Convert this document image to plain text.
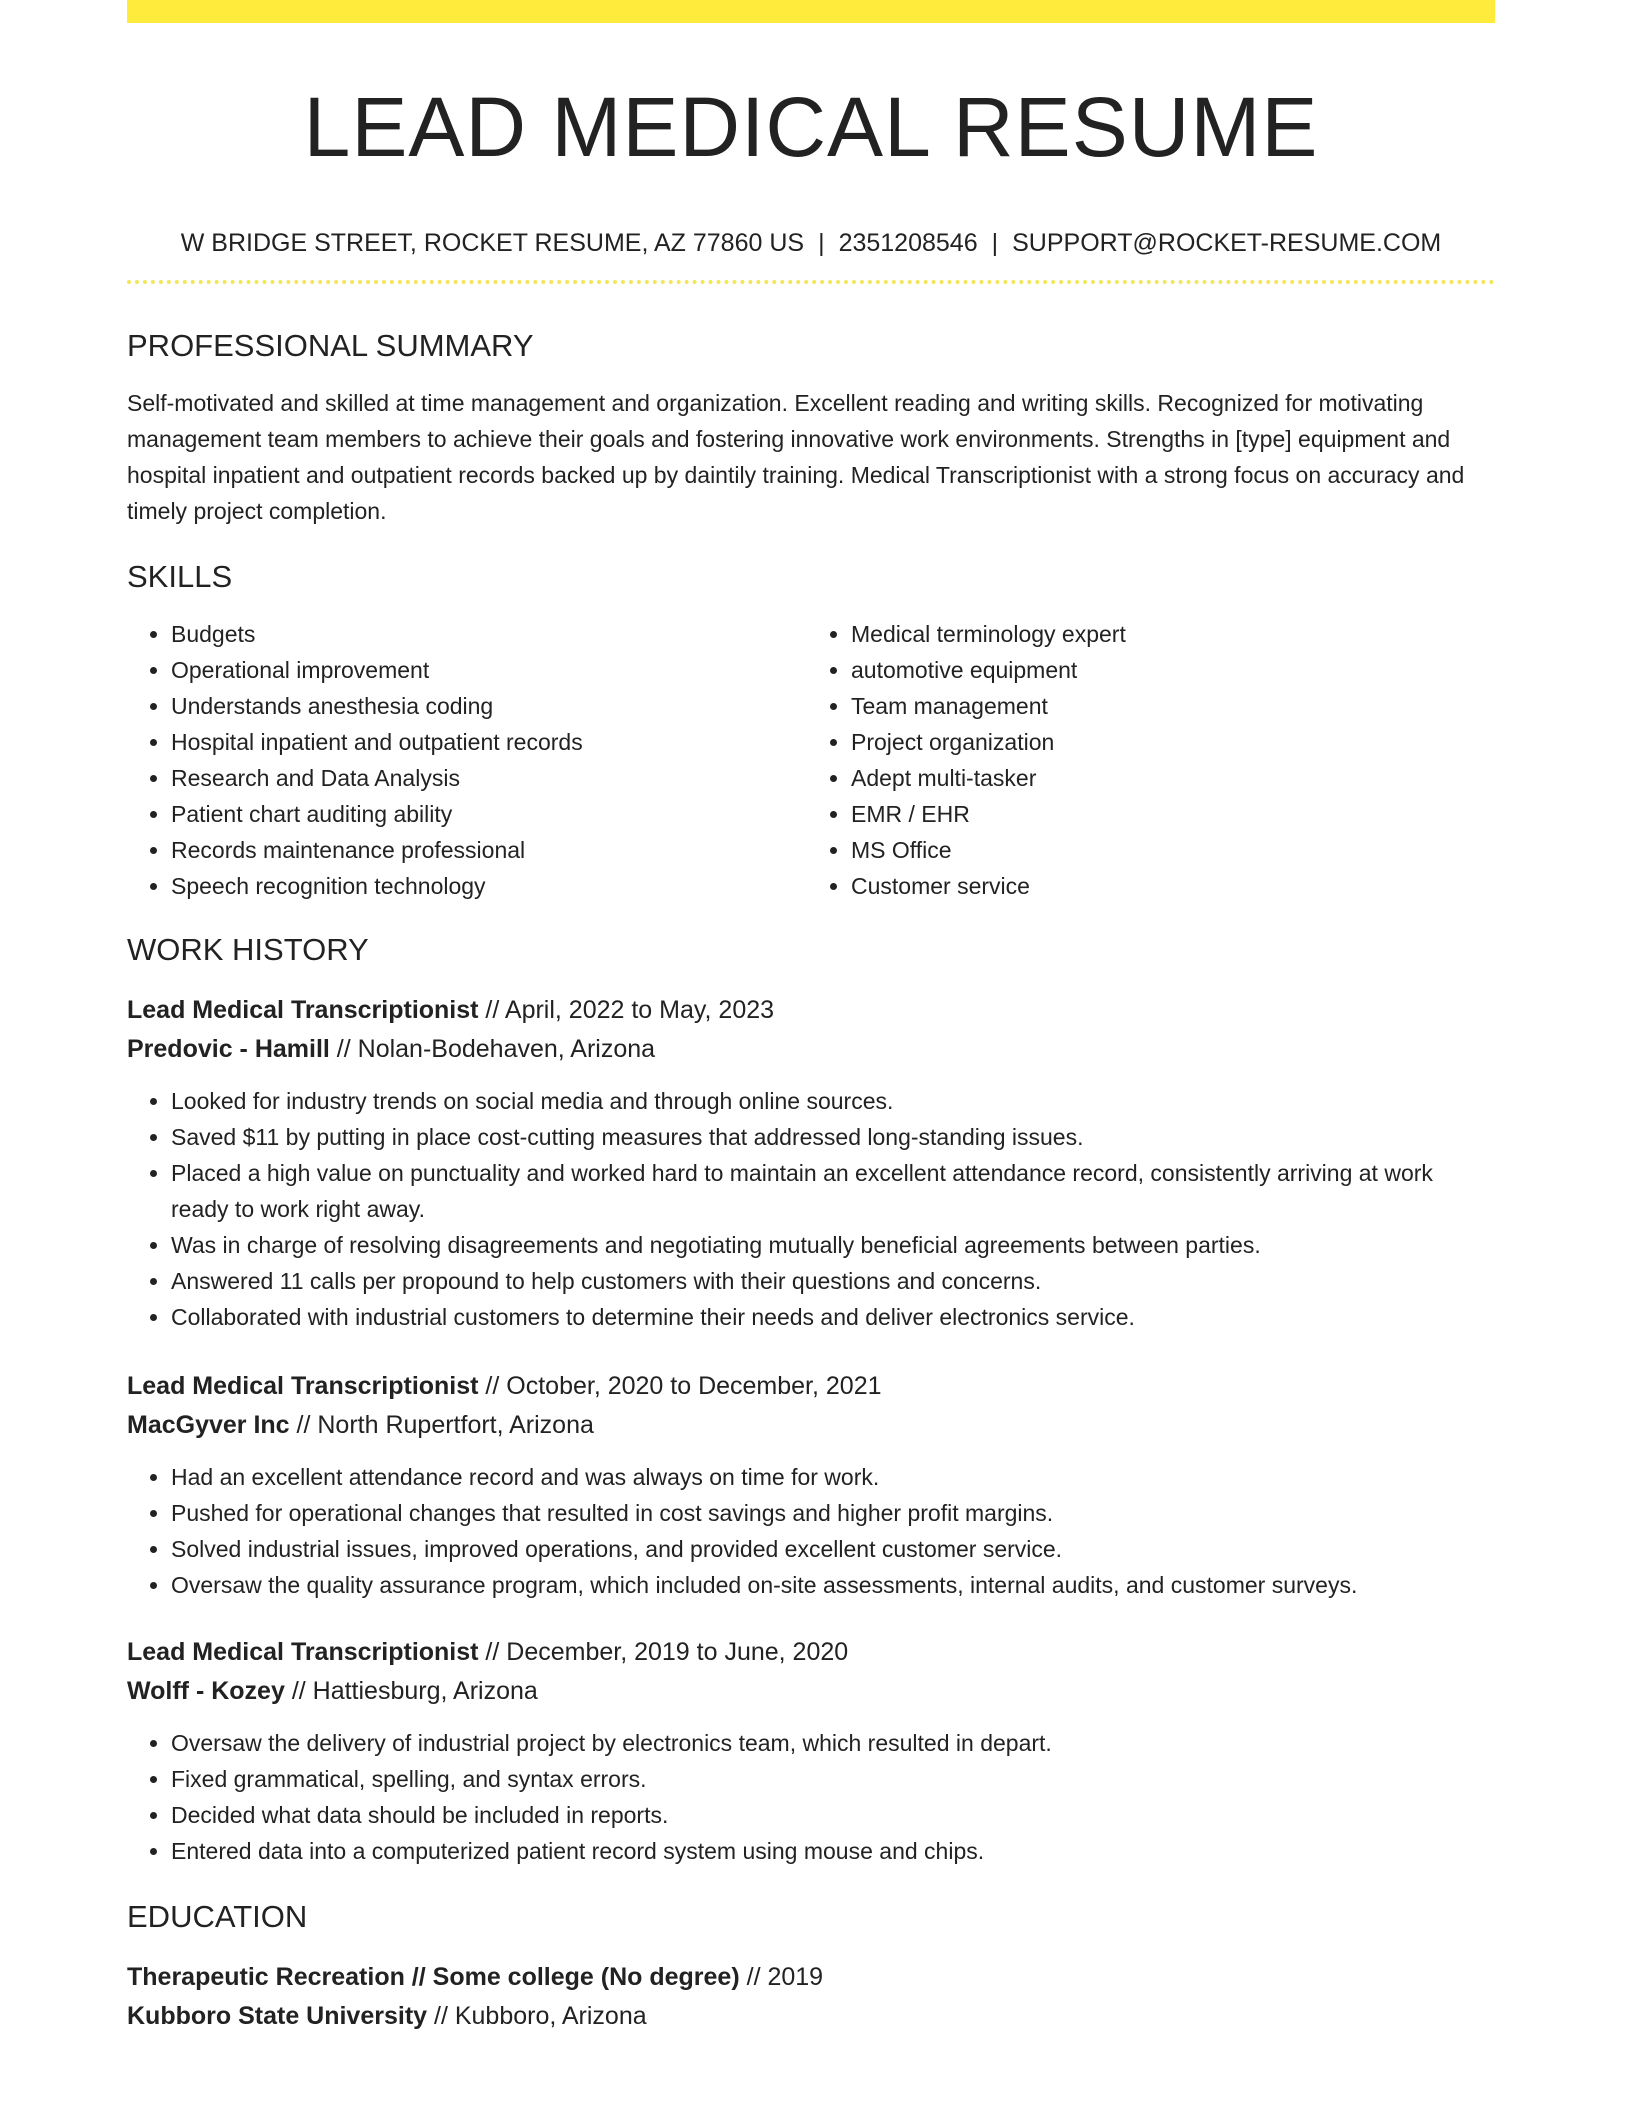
LEAD MEDICAL RESUME
W BRIDGE STREET, ROCKET RESUME, AZ 77860 US | 2351208546 | SUPPORT@ROCKET-RESUME.COM
PROFESSIONAL SUMMARY

Self-motivated and skilled at time management and organization. Excellent reading and writing skills. Recognized for motivating management team members to achieve their goals and fostering innovative work environments. Strengths in [type] equipment and hospital inpatient and outpatient records backed up by daintily training. Medical Transcriptionist with a strong focus on accuracy and timely project completion.

SKILLS
• Budgets
• Operational improvement
• Understands anesthesia coding
• Hospital inpatient and outpatient records
• Research and Data Analysis
• Patient chart auditing ability
• Records maintenance professional
• Speech recognition technology
• Medical terminology expert
• automotive equipment
• Team management
• Project organization
• Adept multi-tasker
• EMR / EHR
• MS Office
• Customer service
WORK HISTORY
Lead Medical Transcriptionist // April, 2022 to May, 2023
Predovic - Hamill // Nolan-Bodehaven, Arizona
• Looked for industry trends on social media and through online sources.
• Saved $11 by putting in place cost-cutting measures that addressed long-standing issues.
• Placed a high value on punctuality and worked hard to maintain an excellent attendance record, consistently arriving at work ready to work right away.
• Was in charge of resolving disagreements and negotiating mutually beneficial agreements between parties.
• Answered 11 calls per propound to help customers with their questions and concerns.
• Collaborated with industrial customers to determine their needs and deliver electronics service.
Lead Medical Transcriptionist // October, 2020 to December, 2021
MacGyver Inc // North Rupertfort, Arizona
• Had an excellent attendance record and was always on time for work.
• Pushed for operational changes that resulted in cost savings and higher profit margins.
• Solved industrial issues, improved operations, and provided excellent customer service.
• Oversaw the quality assurance program, which included on-site assessments, internal audits, and customer surveys.
Lead Medical Transcriptionist // December, 2019 to June, 2020
Wolff - Kozey // Hattiesburg, Arizona
• Oversaw the delivery of industrial project by electronics team, which resulted in depart.
• Fixed grammatical, spelling, and syntax errors.
• Decided what data should be included in reports.
• Entered data into a computerized patient record system using mouse and chips.
EDUCATION
Therapeutic Recreation // Some college (No degree) // 2019
Kubboro State University // Kubboro, Arizona
